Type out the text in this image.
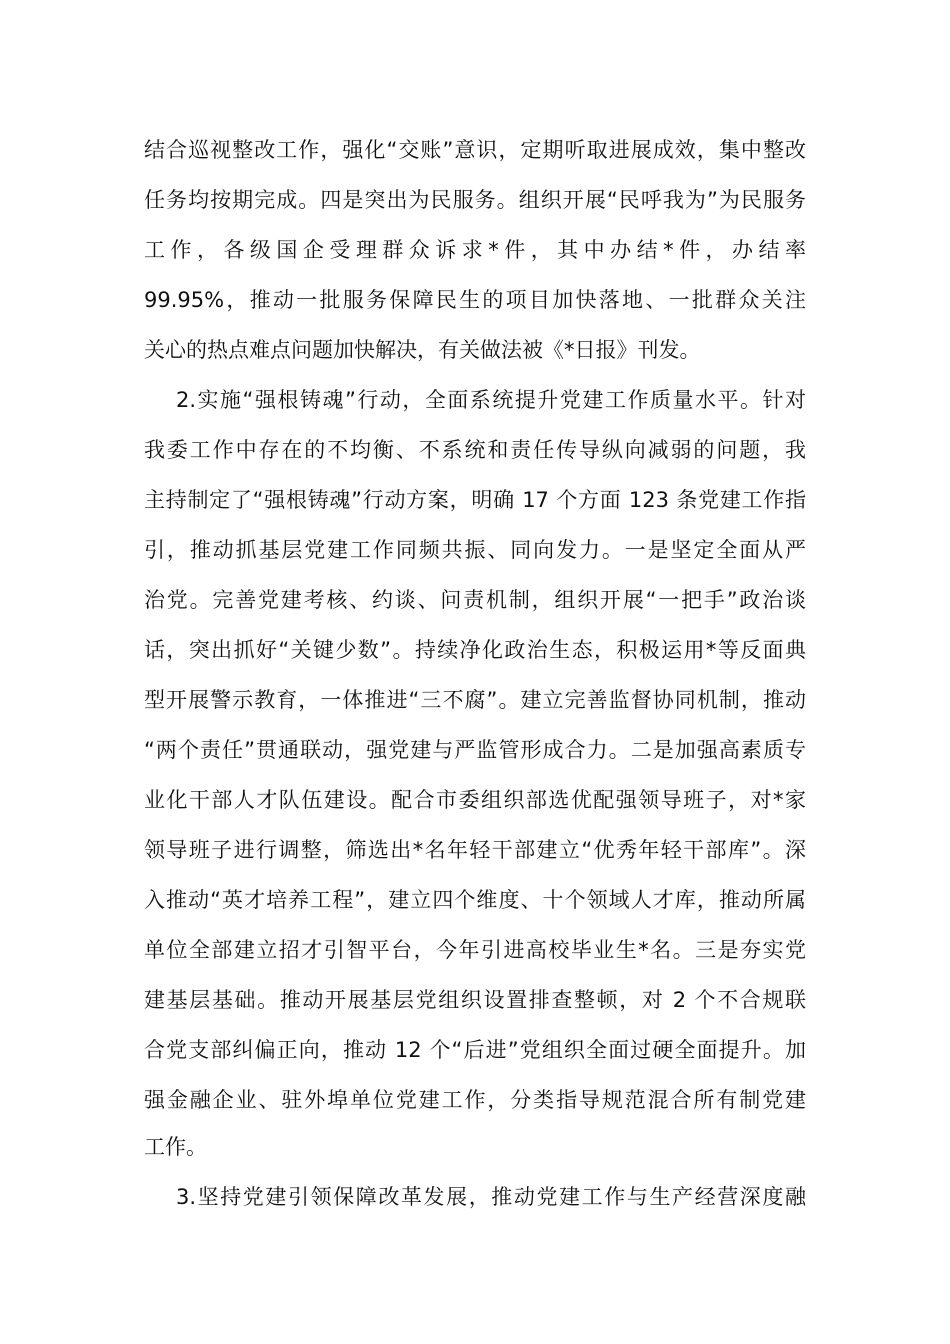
结合巡视整改工作，强化“交账”意识，定期听取进展成效，集中整改
任务均按期完成。四是突出为民服务。组织开展“民呼我为”为民服务
工作，各级国企受理群众诉求*件，其中办结*件，办结率
99.95%，推动一批服务保障民生的项目加快落地、一批群众关注
关心的热点难点问题加快解决，有关做法被《*日报》刊发。
2.实施“强根铸魂”行动，全面系统提升党建工作质量水平。针对
我委工作中存在的不均衡、不系统和责任传导纵向减弱的问题，我
主持制定了“强根铸魂”行动方案，明确 17 个方面 123 条党建工作指
引，推动抓基层党建工作同频共振、同向发力。一是坚定全面从严
治党。完善党建考核、约谈、问责机制，组织开展“一把手”政治谈
话，突出抓好“关键少数”。持续净化政治生态，积极运用*等反面典
型开展警示教育，一体推进“三不腐”。建立完善监督协同机制，推动
“两个责任”贯通联动，强党建与严监管形成合力。二是加强高素质专
业化干部人才队伍建设。配合市委组织部选优配强领导班子，对*家
领导班子进行调整，筛选出*名年轻干部建立“优秀年轻干部库”。深
入推动“英才培养工程”，建立四个维度、十个领域人才库，推动所属
单位全部建立招才引智平台，今年引进高校毕业生*名。三是夯实党
建基层基础。推动开展基层党组织设置排查整顿，对 2 个不合规联
合党支部纠偏正向，推动 12 个“后进”党组织全面过硬全面提升。加
强金融企业、驻外埠单位党建工作，分类指导规范混合所有制党建
工作。
3.坚持党建引领保障改革发展，推动党建工作与生产经营深度融
